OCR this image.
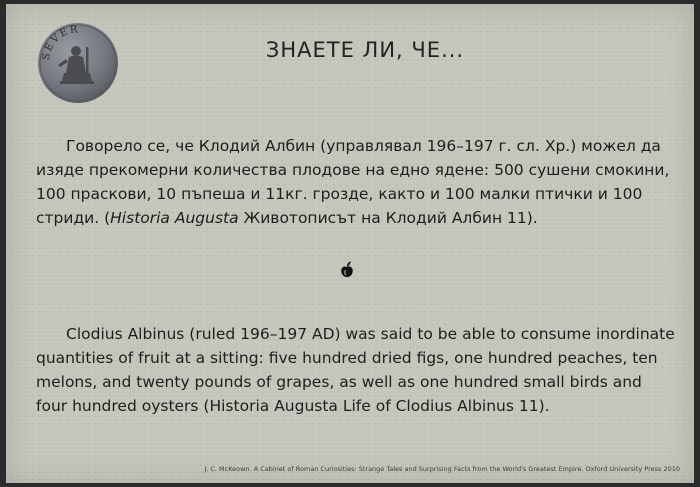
SEVER
ЗНАЕТЕ ЛИ, ЧЕ...

Говорело се, че Клодий Албин (управлявал 196–197 г. сл. Хр.) можел да изяде прекомерни количества плодове на едно ядене: 500 сушени смокини, 100 праскови, 10 пъпеша и 11кг. грозде, както и 100 малки птички и 100 стриди. (Historia Augusta Животописът на Клодий Албин 11).

Clodius Albinus (ruled 196–197 AD) was said to be able to consume inordinate quantities of fruit at a sitting: five hundred dried figs, one hundred peaches, ten melons, and twenty pounds of grapes, as well as one hundred small birds and four hundred oysters (Historia Augusta Life of Clodius Albinus 11).

J. C. McKeown. A Cabinet of Roman Curiosities: Strange Tales and Surprising Facts from the World's Greatest Empire. Oxford University Press 2010
